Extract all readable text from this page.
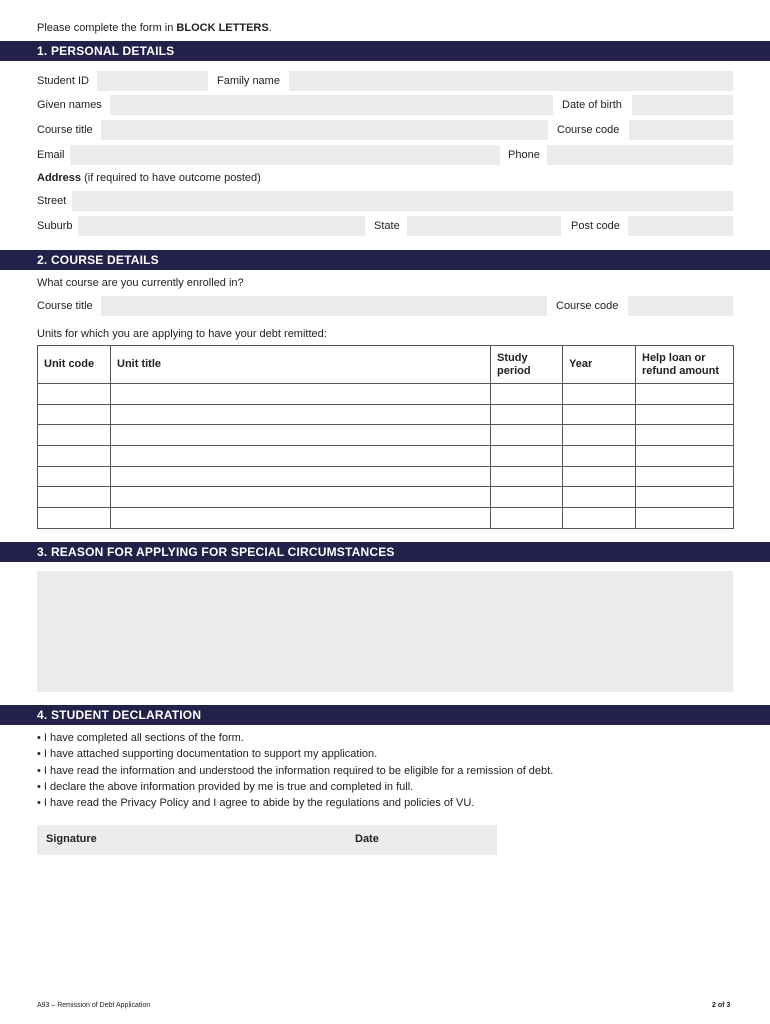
Please complete the form in BLOCK LETTERS.
1. PERSONAL DETAILS
Student ID	Family name
Given names	Date of birth
Course title	Course code
Email	Phone
Address (if required to have outcome posted)
Street
Suburb	State	Post code
2. COURSE DETAILS
What course are you currently enrolled in?
Course title	Course code
Units for which you are applying to have your debt remitted:
Unit code	Unit title	Study period	Year	Help loan or refund amount

3. REASON FOR APPLYING FOR SPECIAL CIRCUMSTANCES
4. STUDENT DECLARATION
• I have completed all sections of the form.
• I have attached supporting documentation to support my application.
• I have read the information and understood the information required to be eligible for a remission of debt.
• I declare the above information provided by me is true and completed in full.
• I have read the Privacy Policy and I agree to abide by the regulations and policies of VU.
Signature	Date
A93 – Remission of Debt Application	2 of 3
